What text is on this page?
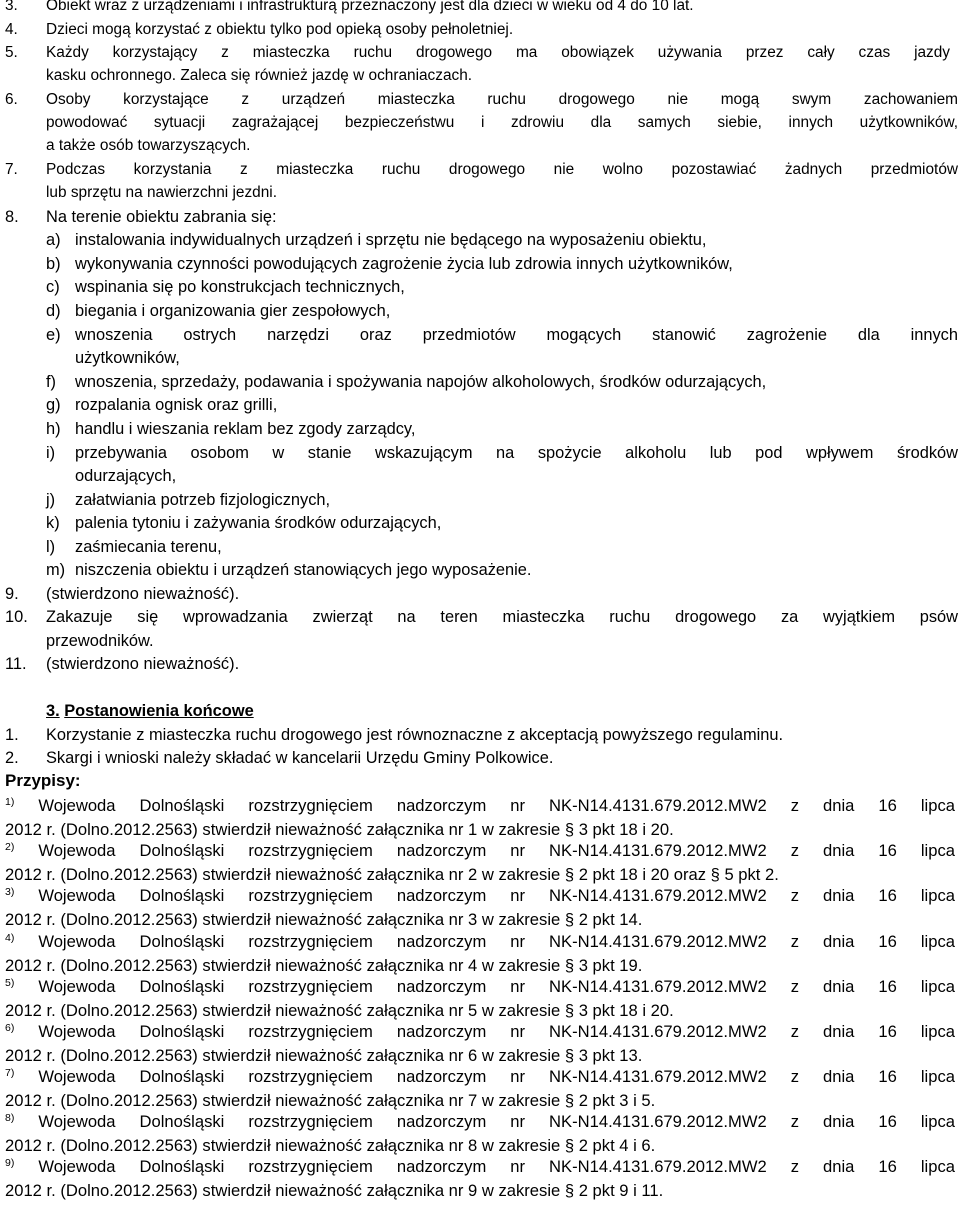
3. Obiekt wraz z urządzeniami i infrastrukturą przeznaczony jest dla dzieci w wieku od 4 do 10 lat.
4. Dzieci mogą korzystać z obiektu tylko pod opieką osoby pełnoletniej.
5. Każdy korzystający z miasteczka ruchu drogowego ma obowiązek używania przez cały czas jazdy
kasku ochronnego. Zaleca się również jazdę w ochraniaczach.
6. Osoby korzystające z urządzeń miasteczka ruchu drogowego nie mogą swym zachowaniem
powodować sytuacji zagrażającej bezpieczeństwu i zdrowiu dla samych siebie, innych użytkowników,
a także osób towarzyszących.
7. Podczas korzystania z miasteczka ruchu drogowego nie wolno pozostawiać żadnych przedmiotów
lub sprzętu na nawierzchni jezdni.
8. Na terenie obiektu zabrania się:
a) instalowania indywidualnych urządzeń i sprzętu nie będącego na wyposażeniu obiektu,
b) wykonywania czynności powodujących zagrożenie życia lub zdrowia innych użytkowników,
c) wspinania się po konstrukcjach technicznych,
d) biegania i organizowania gier zespołowych,
e) wnoszenia ostrych narzędzi oraz przedmiotów mogących stanowić zagrożenie dla innych
użytkowników,
f) wnoszenia, sprzedaży, podawania i spożywania napojów alkoholowych, środków odurzających,
g) rozpalania ognisk oraz grilli,
h) handlu i wieszania reklam bez zgody zarządcy,
i) przebywania osobom w stanie wskazującym na spożycie alkoholu lub pod wpływem środków
odurzających,
j) załatwiania potrzeb fizjologicznych,
k) palenia tytoniu i zażywania środków odurzających,
l) zaśmiecania terenu,
m) niszczenia obiektu i urządzeń stanowiących jego wyposażenie.
9. (stwierdzono nieważność).
10. Zakazuje się wprowadzania zwierząt na teren miasteczka ruchu drogowego za wyjątkiem psów
przewodników.
11. (stwierdzono nieważność).
3. Postanowienia końcowe
1. Korzystanie z miasteczka ruchu drogowego jest równoznaczne z akceptacją powyższego regulaminu.
2. Skargi i wnioski należy składać w kancelarii Urzędu Gminy Polkowice.
Przypisy:
$^{1)}$ Wojewoda Dolnośląski rozstrzygnięciem nadzorczym nr NK-N14.4131.679.2012.MW2 z dnia 16 lipca
2012 r. (Dolno.2012.2563) stwierdził nieważność załącznika nr 1 w zakresie § 3 pkt 18 i 20.
$^{2)}$ Wojewoda Dolnośląski rozstrzygnięciem nadzorczym nr NK-N14.4131.679.2012.MW2 z dnia 16 lipca
2012 r. (Dolno.2012.2563) stwierdził nieważność załącznika nr 2 w zakresie § 2 pkt 18 i 20 oraz § 5 pkt 2.
$^{3)}$ Wojewoda Dolnośląski rozstrzygnięciem nadzorczym nr NK-N14.4131.679.2012.MW2 z dnia 16 lipca
2012 r. (Dolno.2012.2563) stwierdził nieważność załącznika nr 3 w zakresie § 2 pkt 14.
$^{4)}$ Wojewoda Dolnośląski rozstrzygnięciem nadzorczym nr NK-N14.4131.679.2012.MW2 z dnia 16 lipca
2012 r. (Dolno.2012.2563) stwierdził nieważność załącznika nr 4 w zakresie § 3 pkt 19.
$^{5)}$ Wojewoda Dolnośląski rozstrzygnięciem nadzorczym nr NK-N14.4131.679.2012.MW2 z dnia 16 lipca
2012 r. (Dolno.2012.2563) stwierdził nieważność załącznika nr 5 w zakresie § 3 pkt 18 i 20.
$^{6)}$ Wojewoda Dolnośląski rozstrzygnięciem nadzorczym nr NK-N14.4131.679.2012.MW2 z dnia 16 lipca
2012 r. (Dolno.2012.2563) stwierdził nieważność załącznika nr 6 w zakresie § 3 pkt 13.
$^{7)}$ Wojewoda Dolnośląski rozstrzygnięciem nadzorczym nr NK-N14.4131.679.2012.MW2 z dnia 16 lipca
2012 r. (Dolno.2012.2563) stwierdził nieważność załącznika nr 7 w zakresie § 2 pkt 3 i 5.
$^{8)}$ Wojewoda Dolnośląski rozstrzygnięciem nadzorczym nr NK-N14.4131.679.2012.MW2 z dnia 16 lipca
2012 r. (Dolno.2012.2563) stwierdził nieważność załącznika nr 8 w zakresie § 2 pkt 4 i 6.
$^{9)}$ Wojewoda Dolnośląski rozstrzygnięciem nadzorczym nr NK-N14.4131.679.2012.MW2 z dnia 16 lipca
2012 r. (Dolno.2012.2563) stwierdził nieważność załącznika nr 9 w zakresie § 2 pkt 9 i 11.
